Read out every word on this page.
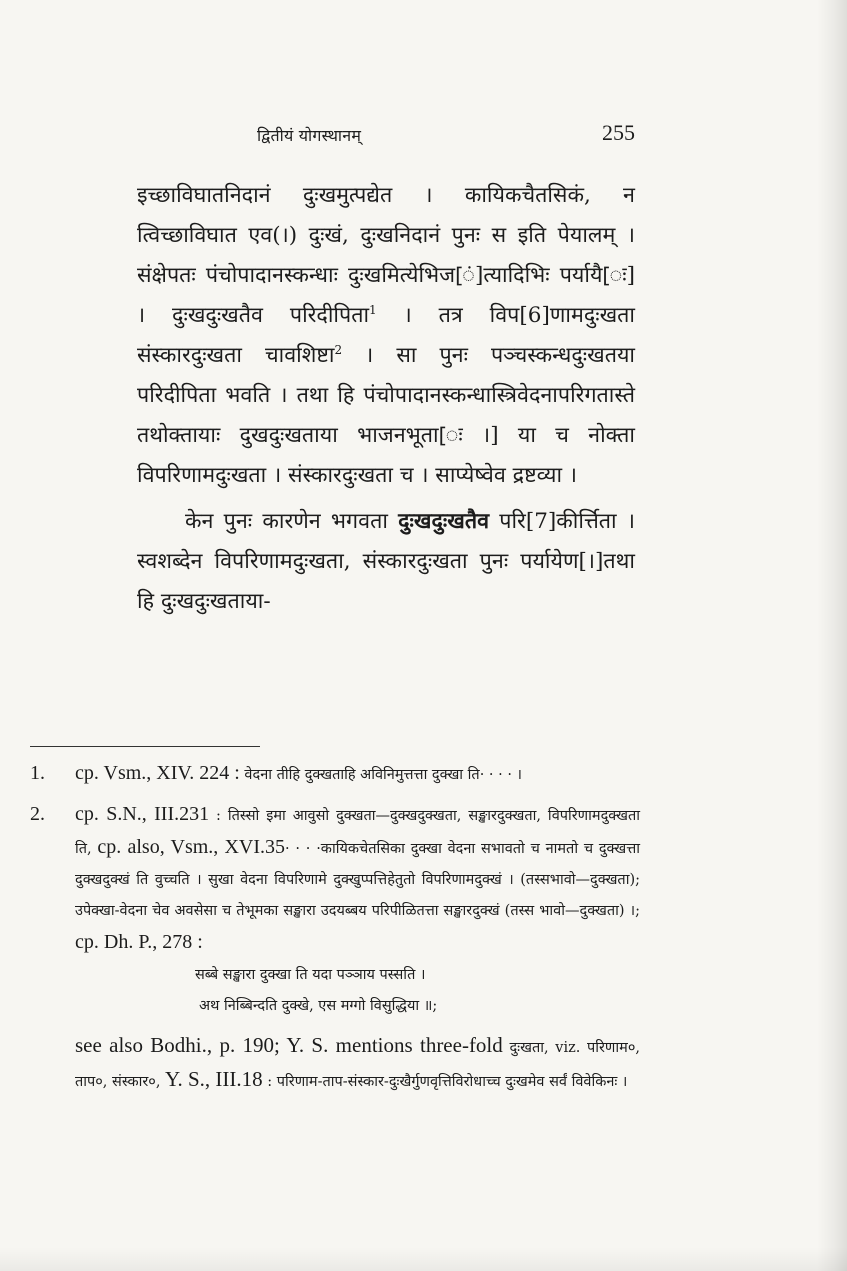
द्वितीयं योगस्थानम्	255

इच्छाविघातनिदानं दुःखमुत्पद्येत । कायिकचैतसिकं, न त्विच्छाविघात एव(।) दुःखं, दुःखनिदानं पुनः स इति पेयालम् । संक्षेपतः पंचोपादानस्कन्धाः दुःखमित्येभिज[ं]त्यादिभिः पर्यायै[ः] । दुःखदुःखतैव परिदीपिता$^1$ । तत्र विप[6]णामदुःखता संस्कारदुःखता चावशिष्टा$^2$ । सा पुनः पञ्चस्कन्धदुःखतया परिदीपिता भवति । तथा हि पंचोपादानस्कन्धास्त्रिवेदनापरिगतास्ते तथोक्तायाः दुखदुःखताया भाजनभूता[ः ।] या च नोक्ता विपरिणामदुःखता । संस्कारदुःखता च । साप्येष्वेव द्रष्टव्या ।

केन पुनः कारणेन भगवता दुःखदुःखतैव परि[7]कीर्त्तिता । स्वशब्देन विपरिणामदुःखता, संस्कारदुःखता पुनः पर्यायेण[।]तथा हि दुःखदुःखताया-

1. cp. Vsm., XIV. 224 : वेदना तीहि दुक्खताहि अविनिमुत्तत्ता दुक्खा ति· · · · ।
2. cp. S.N., III.231 : तिस्सो इमा आवुसो दुक्खता—दुक्खदुक्खता, सङ्खारदुक्खता, विपरिणामदुक्खता ति, cp. also, Vsm., XVI.35· · · ·कायिकचेतसिका दुक्खा वेदना सभावतो च नामतो च दुक्खत्ता दुक्खदुक्खं ति वुच्चति । सुखा वेदना विपरिणामे दुक्खुप्पत्तिहेतुतो विपरिणामदुक्खं । (तस्सभावो—दुक्खता); उपेक्खा-वेदना चेव अवसेसा च तेभूमका सङ्खारा उदयब्बय परिपीळितत्ता सङ्खारदुक्खं (तस्स भावो—दुक्खता) ।; cp. Dh. P., 278 :

सब्बे सङ्खारा दुक्खा ति यदा पञ्ञाय पस्सति ।

अथ निब्बिन्दति दुक्खे, एस मग्गो विसुद्धिया ॥;

see also Bodhi., p. 190; Y. S. mentions three-fold दुःखता, viz. परिणाम०, ताप०, संस्कार०, Y. S., III.18 : परिणाम-ताप-संस्कार-दुःखैर्गुणवृत्तिविरोधाच्च दुःखमेव सर्वं विवेकिनः ।
